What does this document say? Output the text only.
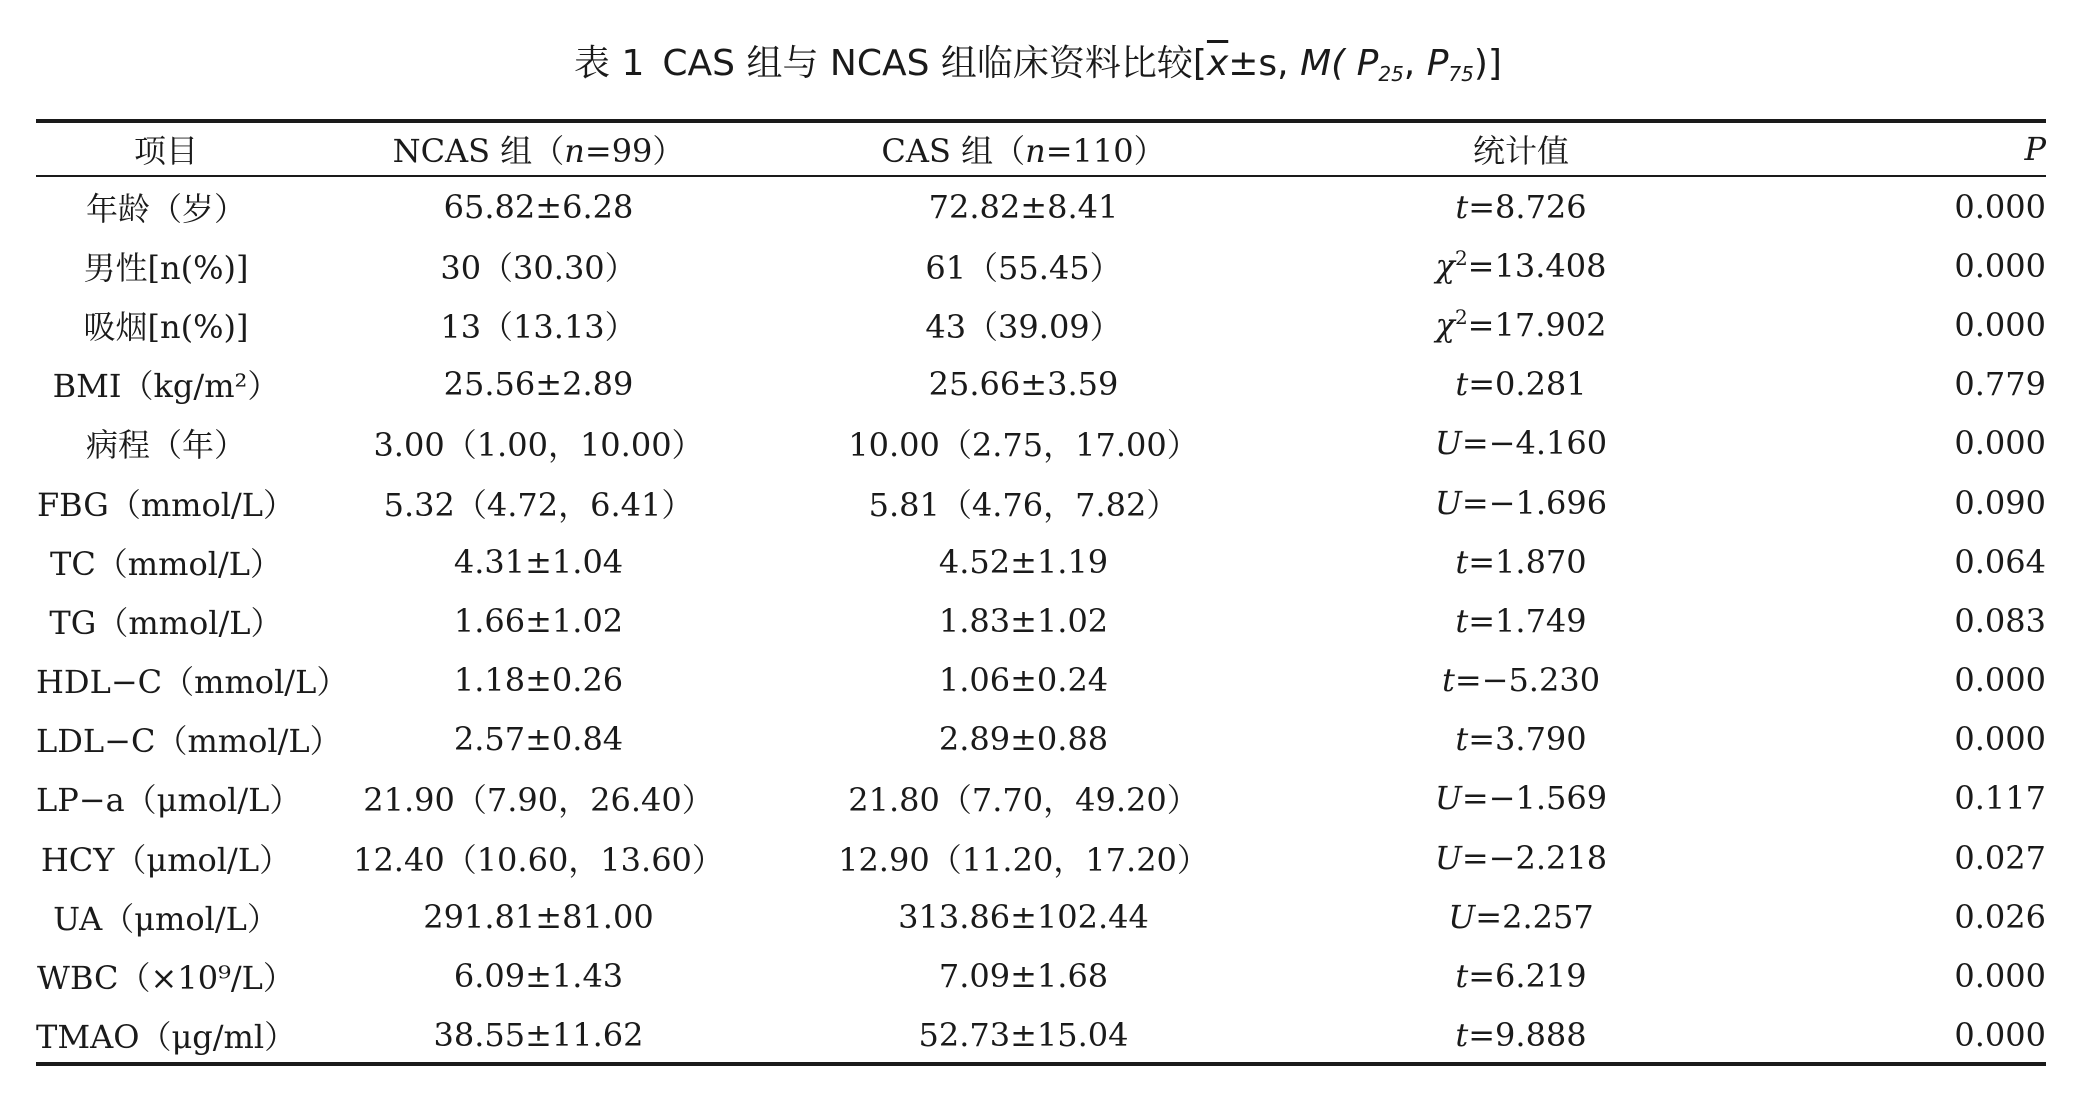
表 1 CAS 组与 NCAS 组临床资料比较[$\overline{x}\pm s$, M( $P_{25}$, $P_{75}$)]
项目	NCAS 组（n=99）	CAS 组（n=110）	统计值	P
年龄（岁）	65.82±6.28	72.82±8.41	t=8.726	0.000
男性[n(%)]	30（30.30）	61（55.45）	$\chi^2=13.408$	0.000
吸烟[n(%)]	13（13.13）	43（39.09）	$\chi^2=17.902$	0.000
BMI（kg/m²）	25.56±2.89	25.66±3.59	t=0.281	0.779
病程（年）	3.00（1.00，10.00）	10.00（2.75，17.00）	U=−4.160	0.000
FBG（mmol/L）	5.32（4.72，6.41）	5.81（4.76，7.82）	U=−1.696	0.090
TC（mmol/L）	4.31±1.04	4.52±1.19	t=1.870	0.064
TG（mmol/L）	1.66±1.02	1.83±1.02	t=1.749	0.083
HDL−C（mmol/L）	1.18±0.26	1.06±0.24	t=−5.230	0.000
LDL−C（mmol/L）	2.57±0.84	2.89±0.88	t=3.790	0.000
LP−a（μmol/L）	21.90（7.90，26.40）	21.80（7.70，49.20）	U=−1.569	0.117
HCY（μmol/L）	12.40（10.60，13.60）	12.90（11.20，17.20）	U=−2.218	0.027
UA（μmol/L）	291.81±81.00	313.86±102.44	U=2.257	0.026
WBC（×10⁹/L）	6.09±1.43	7.09±1.68	t=6.219	0.000
TMAO（μg/ml）	38.55±11.62	52.73±15.04	t=9.888	0.000
